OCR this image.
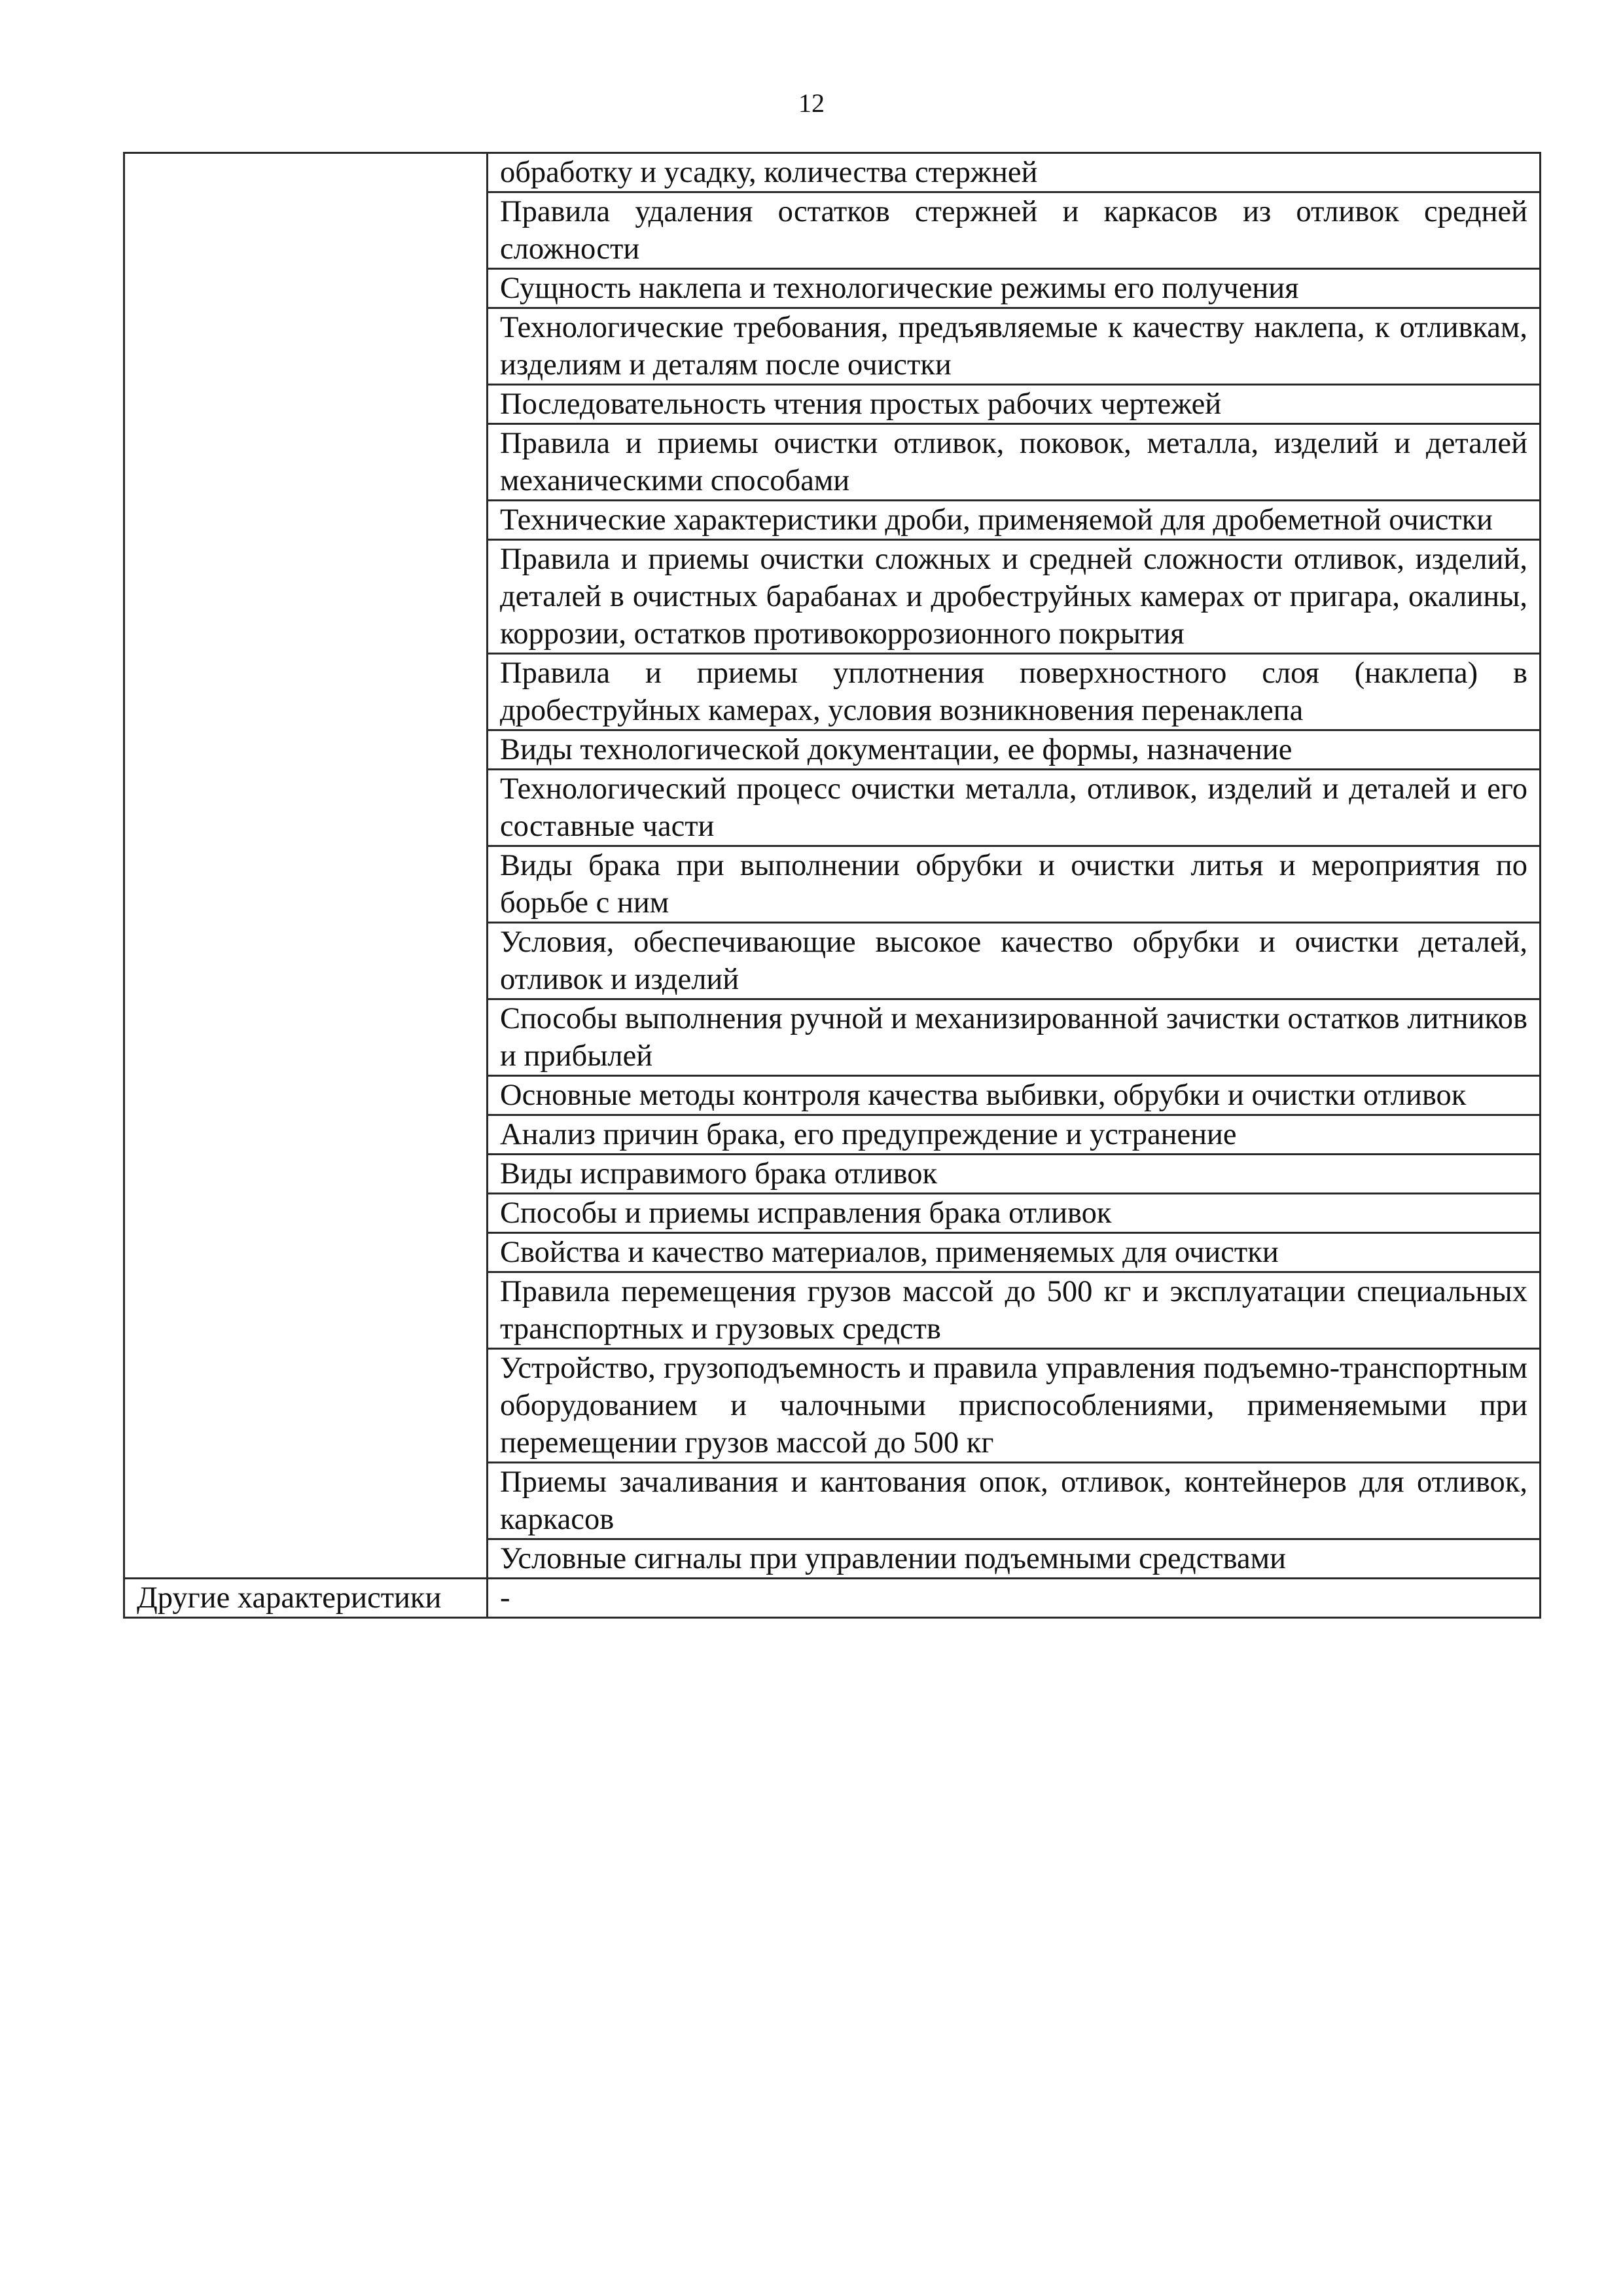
12
	обработку и усадку, количества стержней
	Правила удаления остатков стержней и каркасов из отливок средней сложности
	Сущность наклепа и технологические режимы его получения
	Технологические требования, предъявляемые к качеству наклепа, к отливкам, изделиям и деталям после очистки
	Последовательность чтения простых рабочих чертежей
	Правила и приемы очистки отливок, поковок, металла, изделий и деталей механическими способами
	Технические характеристики дроби, применяемой для дробеметной очистки
	Правила и приемы очистки сложных и средней сложности отливок, изделий, деталей в очистных барабанах и дробеструйных камерах от пригара, окалины, коррозии, остатков противокоррозионного покрытия
	Правила и приемы уплотнения поверхностного слоя (наклепа) в дробеструйных камерах, условия возникновения перенаклепа
	Виды технологической документации, ее формы, назначение
	Технологический процесс очистки металла, отливок, изделий и деталей и его составные части
	Виды брака при выполнении обрубки и очистки литья и мероприятия по борьбе с ним
	Условия, обеспечивающие высокое качество обрубки и очистки деталей, отливок и изделий
	Способы выполнения ручной и механизированной зачистки остатков литников и прибылей
	Основные методы контроля качества выбивки, обрубки и очистки отливок
	Анализ причин брака, его предупреждение и устранение
	Виды исправимого брака отливок
	Способы и приемы исправления брака отливок
	Свойства и качество материалов, применяемых для очистки
	Правила перемещения грузов массой до 500 кг и эксплуатации специальных транспортных и грузовых средств
	Устройство, грузоподъемность и правила управления подъемно-транспортным оборудованием и чалочными приспособлениями, применяемыми при перемещении грузов массой до 500 кг
	Приемы зачаливания и кантования опок, отливок, контейнеров для отливок, каркасов
	Условные сигналы при управлении подъемными средствами
Другие характеристики	-
